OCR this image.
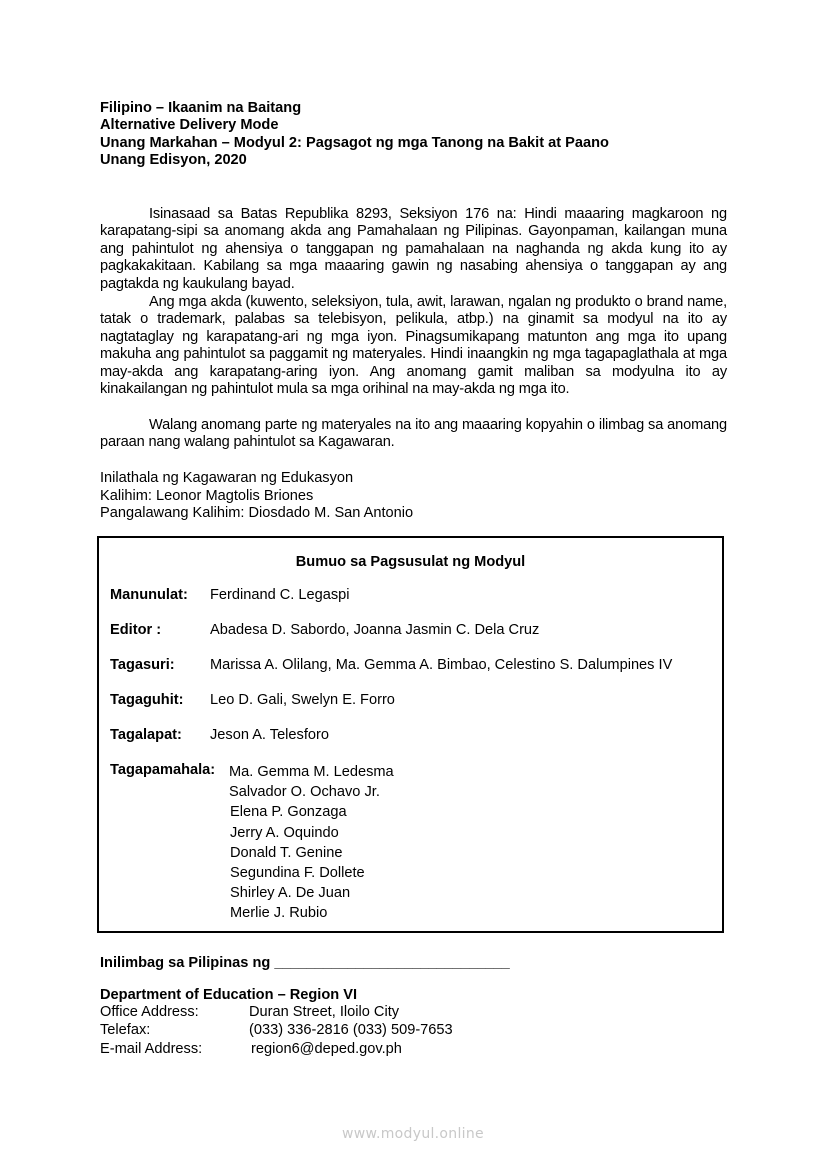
Filipino – Ikaanim na Baitang
Alternative Delivery Mode
Unang Markahan – Modyul 2: Pagsagot ng mga Tanong na Bakit at Paano
Unang Edisyon, 2020

Isinasaad sa Batas Republika 8293, Seksiyon 176 na: Hindi maaaring magkaroon ng karapatang-sipi sa anomang akda ang Pamahalaan ng Pilipinas. Gayonpaman, kailangan muna ang pahintulot ng ahensiya o tanggapan ng pamahalaan na naghanda ng akda kung ito ay pagkakakitaan. Kabilang sa mga maaaring gawin ng nasabing ahensiya o tanggapan ay ang pagtakda ng kaukulang bayad.

Ang mga akda (kuwento, seleksiyon, tula, awit, larawan, ngalan ng produkto o brand name, tatak o trademark, palabas sa telebisyon, pelikula, atbp.) na ginamit sa modyul na ito ay nagtataglay ng karapatang-ari ng mga iyon. Pinagsumikapang matunton ang mga ito upang makuha ang pahintulot sa paggamit ng materyales. Hindi inaangkin ng mga tagapaglathala at mga may-akda ang karapatang-aring iyon. Ang anomang gamit maliban sa modyulna ito ay kinakailangan ng pahintulot mula sa mga orihinal na may-akda ng mga ito.

Walang anomang parte ng materyales na ito ang maaaring kopyahin o ilimbag sa anomang paraan nang walang pahintulot sa Kagawaran.

Inilathala ng Kagawaran ng Edukasyon
Kalihim: Leonor Magtolis Briones
Pangalawang Kalihim: Diosdado M. San Antonio
Bumuo sa Pagsusulat ng Modyul
Manunulat: Ferdinand C. Legaspi
Editor :	Abadesa D. Sabordo, Joanna Jasmin C. Dela Cruz
Tagasuri: Marissa A. Olilang, Ma. Gemma A. Bimbao, Celestino S. Dalumpines IV
Tagaguhit: Leo D. Gali, Swelyn E. Forro
Tagalapat: Jeson A. Telesforo
Tagapamahala: Ma. Gemma M. Ledesma
Salvador O. Ochavo Jr.
Elena P. Gonzaga
Jerry A. Oquindo
Donald T. Genine
Segundina F. Dollete
Shirley A. De Juan
Merlie J. Rubio
Inilimbag sa Pilipinas ng _____________________________
Department of Education – Region VI
Office Address:	Duran Street, Iloilo City
Telefax:	(033) 336-2816 (033) 509-7653
E-mail Address:	region6@deped.gov.ph
www.modyul.online
